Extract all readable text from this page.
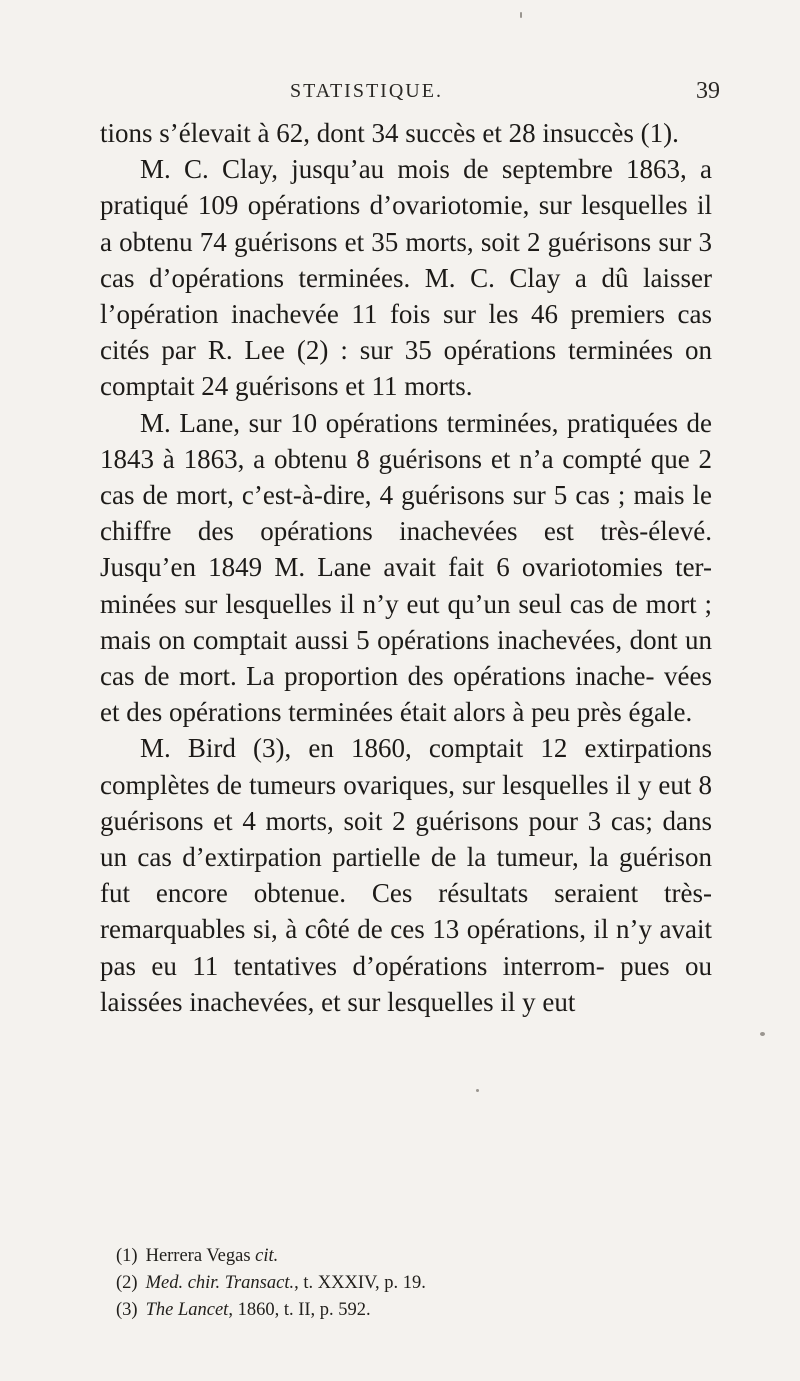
STATISTIQUE.	39

tions s’élevait à 62, dont 34 succès et 28 insuccès (1).

M. C. Clay, jusqu’au mois de septembre 1863, a pratiqué 109 opérations d’ovariotomie, sur lesquelles il a obtenu 74 guérisons et 35 morts, soit 2 guérisons sur 3 cas d’opérations terminées. M. C. Clay a dû laisser l’opération inachevée 11 fois sur les 46 premiers cas cités par R. Lee (2) : sur 35 opérations terminées on comptait 24 guérisons et 11 morts.

M. Lane, sur 10 opérations terminées, pratiquées de 1843 à 1863, a obtenu 8 guérisons et n’a compté que 2 cas de mort, c’est-à-dire, 4 guérisons sur 5 cas ; mais le chiffre des opérations inachevées est très-élevé. Jusqu’en 1849 M. Lane avait fait 6 ovariotomies ter- minées sur lesquelles il n’y eut qu’un seul cas de mort ; mais on comptait aussi 5 opérations inachevées, dont un cas de mort. La proportion des opérations inache- vées et des opérations terminées était alors à peu près égale.

M. Bird (3), en 1860, comptait 12 extirpations complètes de tumeurs ovariques, sur lesquelles il y eut 8 guérisons et 4 morts, soit 2 guérisons pour 3 cas; dans un cas d’extirpation partielle de la tumeur, la guérison fut encore obtenue. Ces résultats seraient très-remarquables si, à côté de ces 13 opérations, il n’y avait pas eu 11 tentatives d’opérations interrom- pues ou laissées inachevées, et sur lesquelles il y eut

(1) Herrera Vegas cit.

(2) Med. chir. Transact., t. XXXIV, p. 19.

(3) The Lancet, 1860, t. II, p. 592.
